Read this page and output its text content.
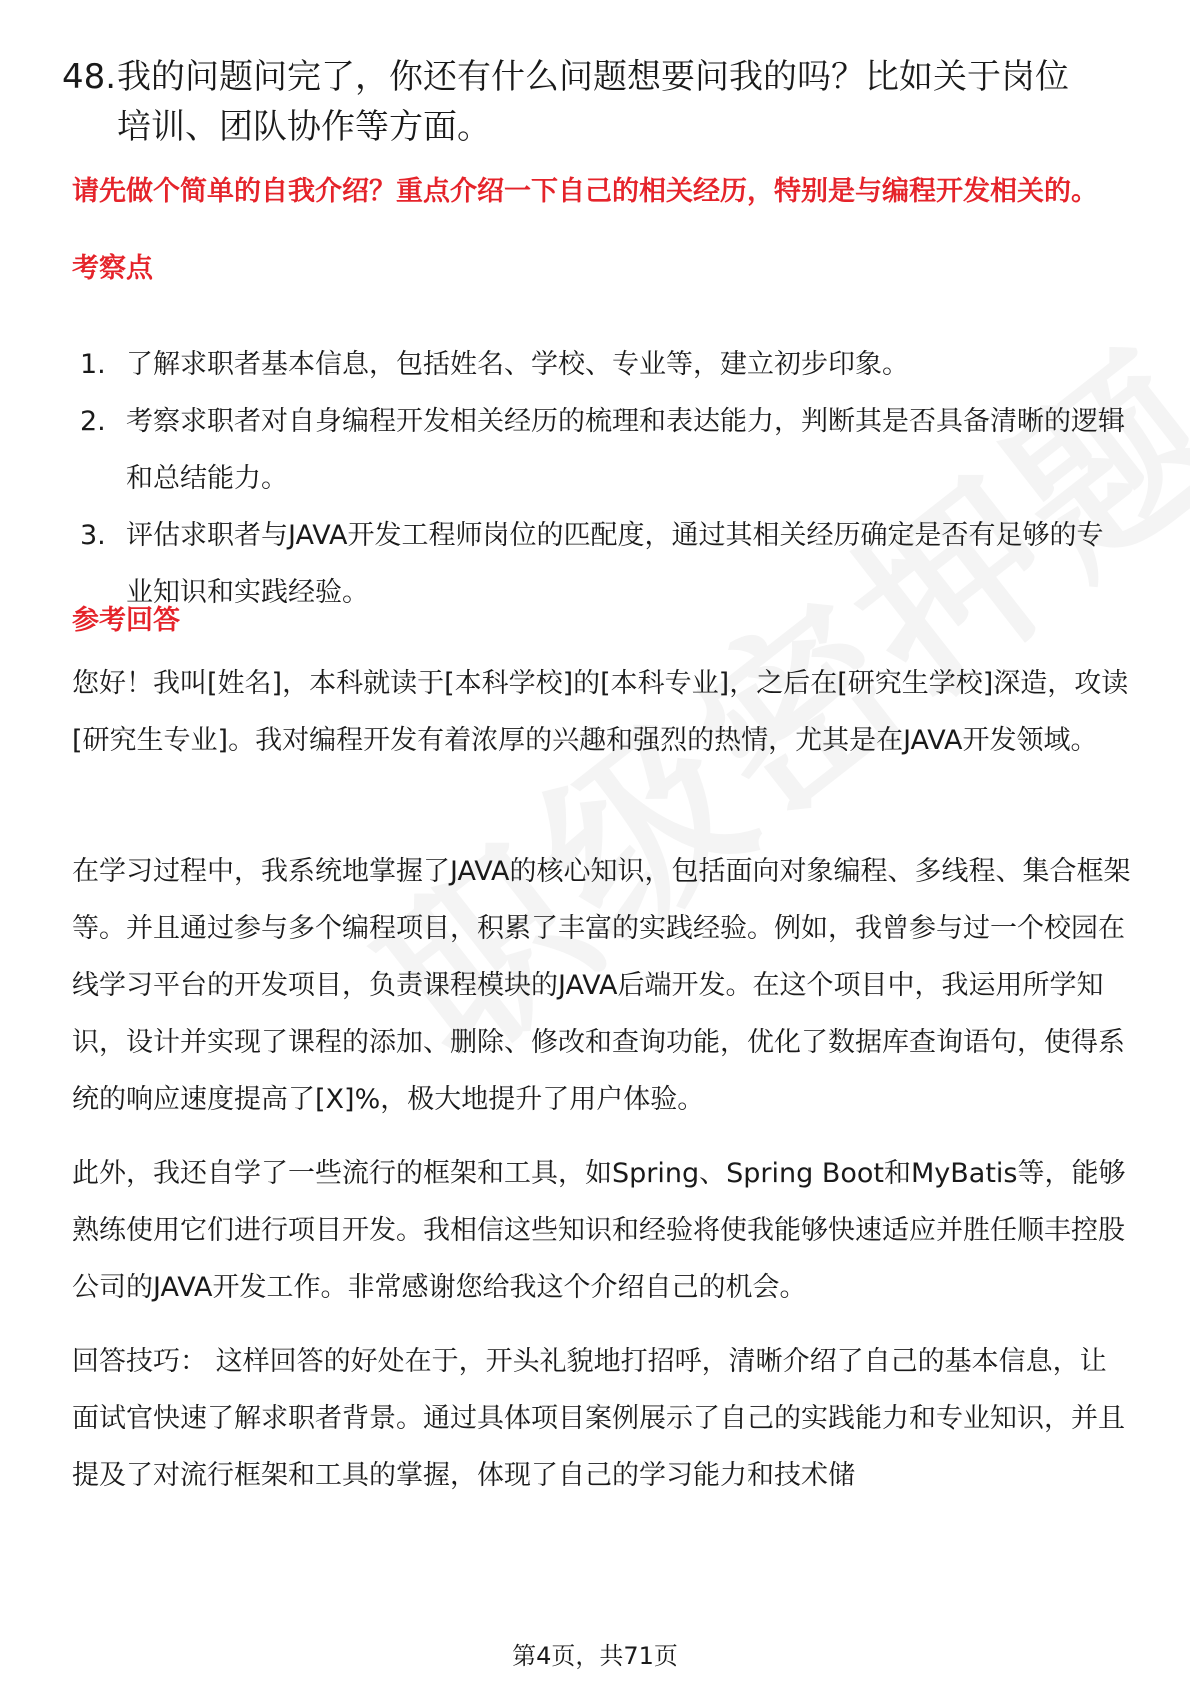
48.我的问题问完了，你还有什么问题想要问我的吗？比如关于岗位
培训、团队协作等方面。
请先做个简单的自我介绍？重点介绍一下自己的相关经历，特别是与编程开发相关的。
考察点
1. 了解求职者基本信息，包括姓名、学校、专业等，建立初步印象。
2. 考察求职者对自身编程开发相关经历的梳理和表达能力，判断其是否具备清晰的逻辑和总结能力。
3. 评估求职者与JAVA开发工程师岗位的匹配度，通过其相关经历确定是否有足够的专业知识和实践经验。
参考回答

您好！我叫[姓名]，本科就读于[本科学校]的[本科专业]，之后在[研究生学校]深造，攻读[研究生专业]。我对编程开发有着浓厚的兴趣和强烈的热情，尤其是在JAVA开发领域。

在学习过程中，我系统地掌握了JAVA的核心知识，包括面向对象编程、多线程、集合框架等。并且通过参与多个编程项目，积累了丰富的实践经验。例如，我曾参与过一个校园在线学习平台的开发项目，负责课程模块的JAVA后端开发。在这个项目中，我运用所学知识，设计并实现了课程的添加、删除、修改和查询功能，优化了数据库查询语句，使得系统的响应速度提高了[X]%，极大地提升了用户体验。

此外，我还自学了一些流行的框架和工具，如Spring、Spring Boot和MyBatis等，能够熟练使用它们进行项目开发。我相信这些知识和经验将使我能够快速适应并胜任顺丰控股公司的JAVA开发工作。非常感谢您给我这个介绍自己的机会。

回答技巧： 这样回答的好处在于，开头礼貌地打招呼，清晰介绍了自己的基本信息，让面试官快速了解求职者背景。通过具体项目案例展示了自己的实践能力和专业知识，并且提及了对流行框架和工具的掌握，体现了自己的学习能力和技术储

第4页，共71页
